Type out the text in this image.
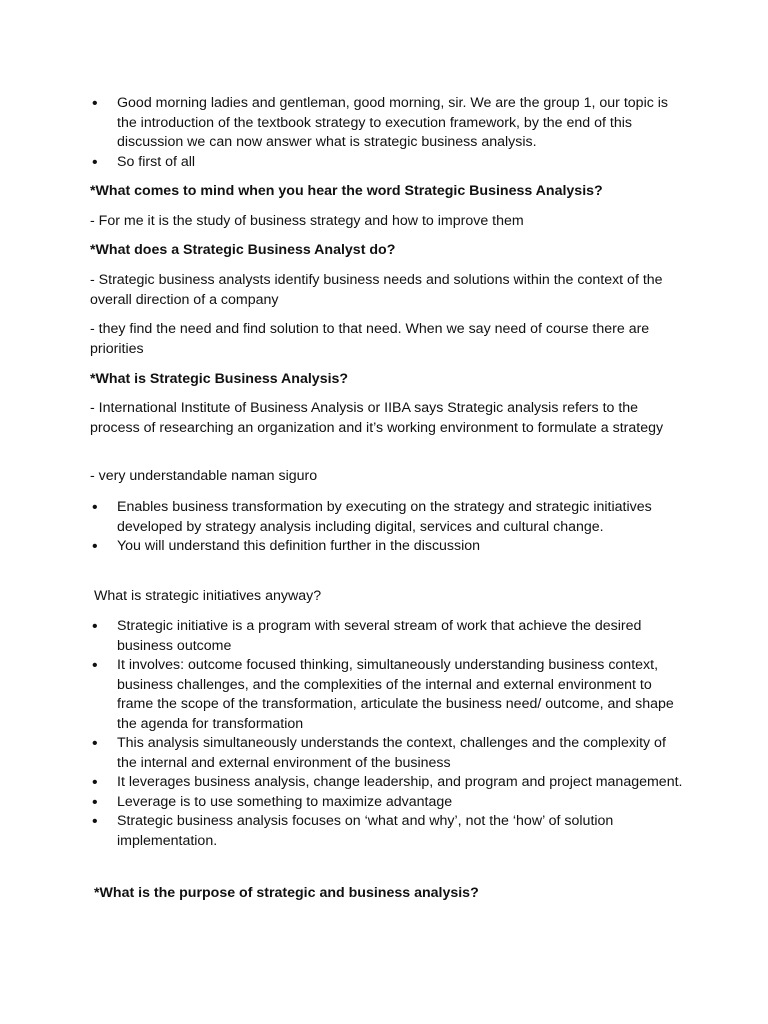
• Good morning ladies and gentleman, good morning, sir. We are the group 1, our topic is the introduction of the textbook strategy to execution framework, by the end of this discussion we can now answer what is strategic business analysis.
• So first of all

*What comes to mind when you hear the word Strategic Business Analysis?

- For me it is the study of business strategy and how to improve them

*What does a Strategic Business Analyst do?

- Strategic business analysts identify business needs and solutions within the context of the overall direction of a company

- they find the need and find solution to that need. When we say need of course there are priorities

*What is Strategic Business Analysis?

- International Institute of Business Analysis or IIBA says Strategic analysis refers to the process of researching an organization and it’s working environment to formulate a strategy

- very understandable naman siguro

• Enables business transformation by executing on the strategy and strategic initiatives developed by strategy analysis including digital, services and cultural change.
• You will understand this definition further in the discussion

What is strategic initiatives anyway?

• Strategic initiative is a program with several stream of work that achieve the desired business outcome
• It involves: outcome focused thinking, simultaneously understanding business context, business challenges, and the complexities of the internal and external environment to frame the scope of the transformation, articulate the business need/ outcome, and shape the agenda for transformation
• This analysis simultaneously understands the context, challenges and the complexity of the internal and external environment of the business
• It leverages business analysis, change leadership, and program and project management.
• Leverage is to use something to maximize advantage
• Strategic business analysis focuses on ‘what and why’, not the ‘how’ of solution implementation.

*What is the purpose of strategic and business analysis?
